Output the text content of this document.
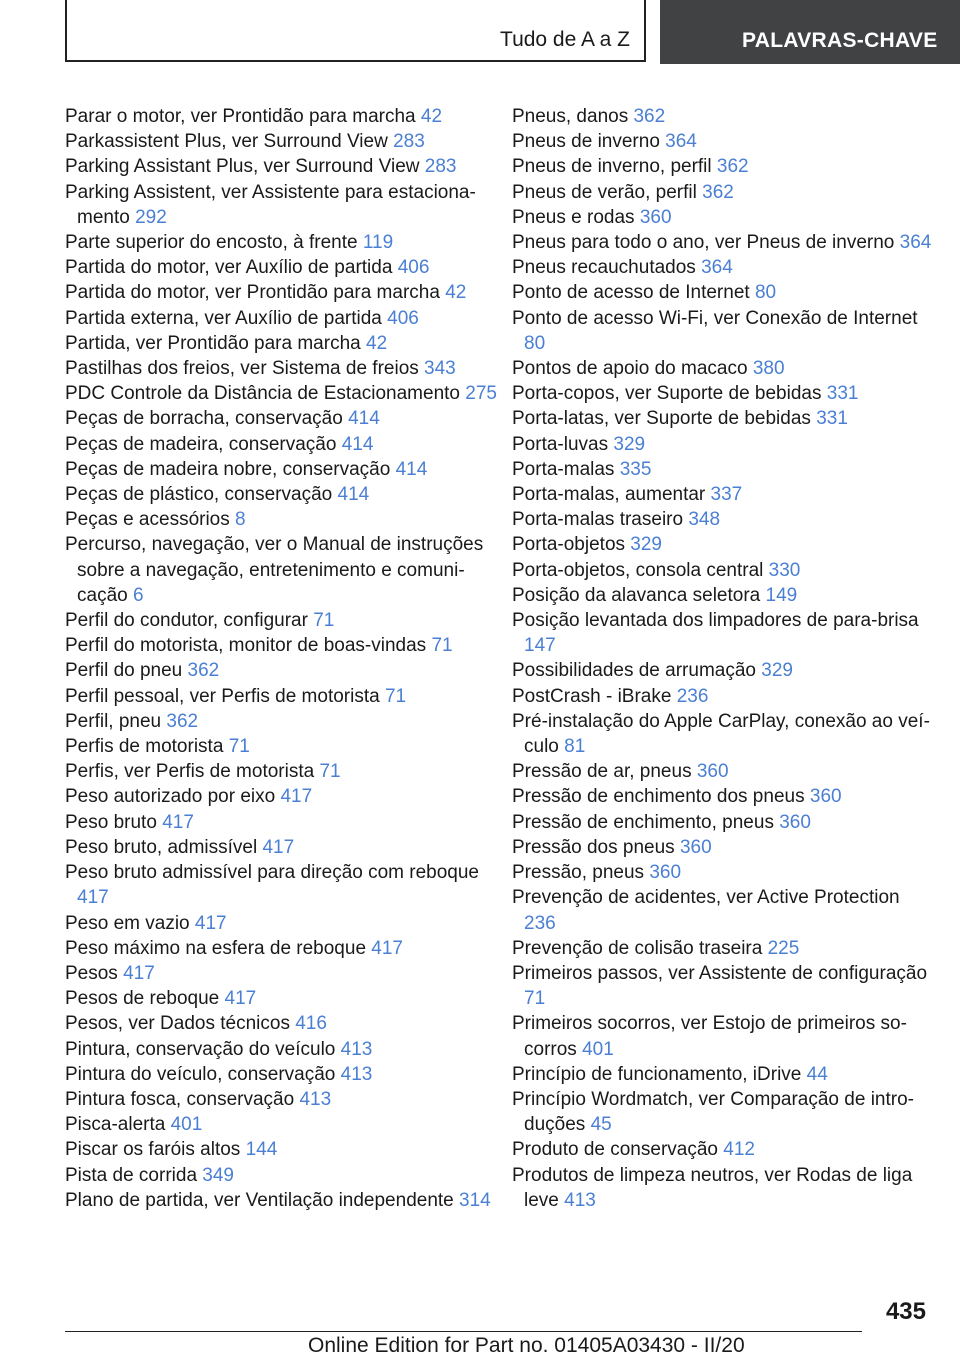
Tudo de A a Z	PALAVRAS-CHAVE
Parar o motor, ver Prontidão para marcha 42
Parkassistent Plus, ver Surround View 283
Parking Assistant Plus, ver Surround View 283
Parking Assistent, ver Assistente para estacionamento 292
Parte superior do encosto, à frente 119
Partida do motor, ver Auxílio de partida 406
Partida do motor, ver Prontidão para marcha 42
Partida externa, ver Auxílio de partida 406
Partida, ver Prontidão para marcha 42
Pastilhas dos freios, ver Sistema de freios 343
PDC Controle da Distância de Estacionamento 275
Peças de borracha, conservação 414
Peças de madeira, conservação 414
Peças de madeira nobre, conservação 414
Peças de plástico, conservação 414
Peças e acessórios 8
Percurso, navegação, ver o Manual de instruções sobre a navegação, entretenimento e comunicação 6
Perfil do condutor, configurar 71
Perfil do motorista, monitor de boas-vindas 71
Perfil do pneu 362
Perfil pessoal, ver Perfis de motorista 71
Perfil, pneu 362
Perfis de motorista 71
Perfis, ver Perfis de motorista 71
Peso autorizado por eixo 417
Peso bruto 417
Peso bruto, admissível 417
Peso bruto admissível para direção com reboque 417
Peso em vazio 417
Peso máximo na esfera de reboque 417
Pesos 417
Pesos de reboque 417
Pesos, ver Dados técnicos 416
Pintura, conservação do veículo 413
Pintura do veículo, conservação 413
Pintura fosca, conservação 413
Pisca-alerta 401
Piscar os faróis altos 144
Pista de corrida 349
Plano de partida, ver Ventilação independente 314
Pneus, danos 362
Pneus de inverno 364
Pneus de inverno, perfil 362
Pneus de verão, perfil 362
Pneus e rodas 360
Pneus para todo o ano, ver Pneus de inverno 364
Pneus recauchutados 364
Ponto de acesso de Internet 80
Ponto de acesso Wi-Fi, ver Conexão de Internet 80
Pontos de apoio do macaco 380
Porta-copos, ver Suporte de bebidas 331
Porta-latas, ver Suporte de bebidas 331
Porta-luvas 329
Porta-malas 335
Porta-malas, aumentar 337
Porta-malas traseiro 348
Porta-objetos 329
Porta-objetos, consola central 330
Posição da alavanca seletora 149
Posição levantada dos limpadores de para-brisa 147
Possibilidades de arrumação 329
PostCrash - iBrake 236
Pré-instalação do Apple CarPlay, conexão ao veículo 81
Pressão de ar, pneus 360
Pressão de enchimento dos pneus 360
Pressão de enchimento, pneus 360
Pressão dos pneus 360
Pressão, pneus 360
Prevenção de acidentes, ver Active Protection 236
Prevenção de colisão traseira 225
Primeiros passos, ver Assistente de configuração 71
Primeiros socorros, ver Estojo de primeiros socorros 401
Princípio de funcionamento, iDrive 44
Princípio Wordmatch, ver Comparação de introduções 45
Produto de conservação 412
Produtos de limpeza neutros, ver Rodas de liga leve 413
435
Online Edition for Part no. 01405A03430 - II/20
